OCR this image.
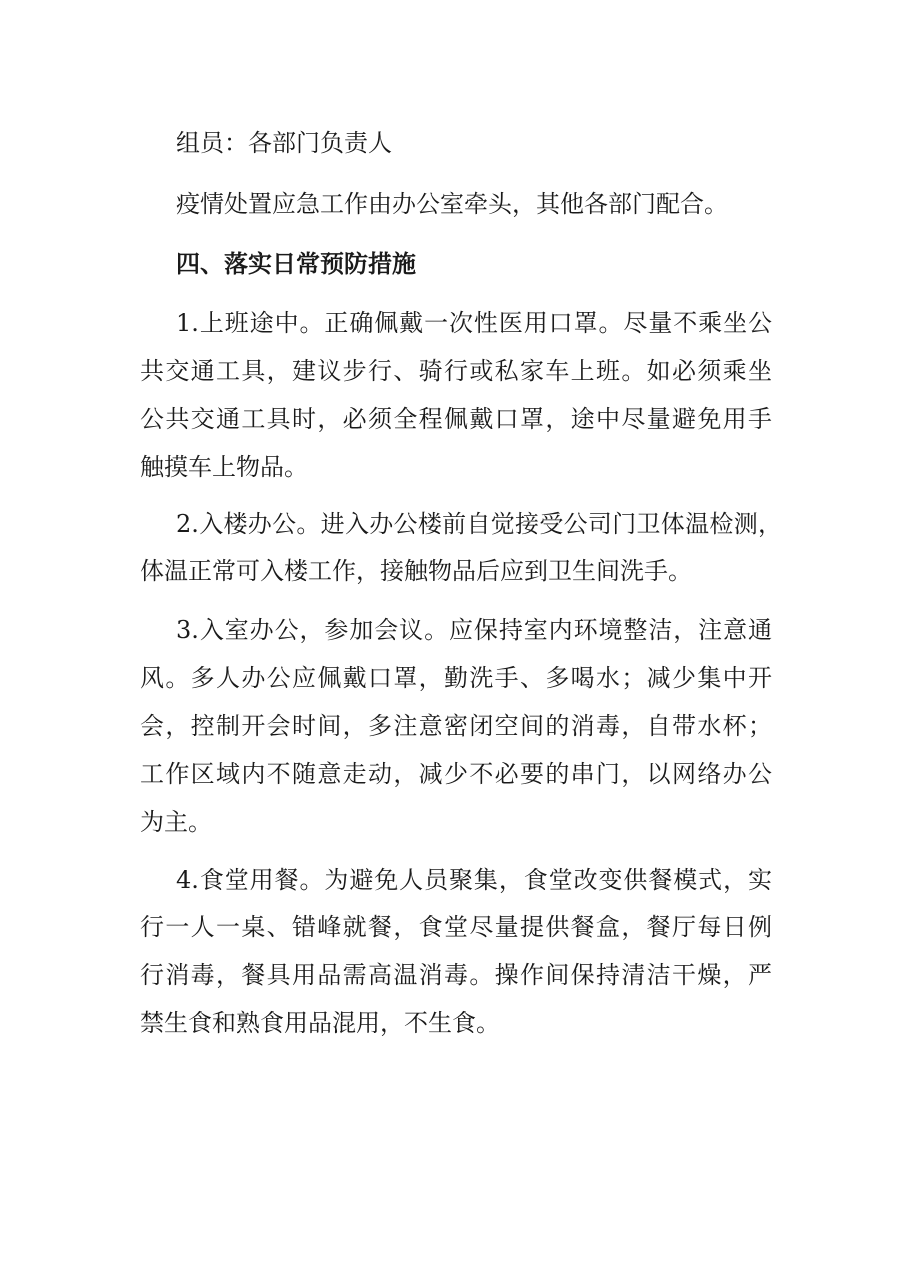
组员：各部门负责人
疫情处置应急工作由办公室牵头，其他各部门配合。
四、落实日常预防措施
1.上班途中。正确佩戴一次性医用口罩。尽量不乘坐公
共交通工具，建议步行、骑行或私家车上班。如必须乘坐
公共交通工具时，必须全程佩戴口罩，途中尽量避免用手
触摸车上物品。
2.入楼办公。进入办公楼前自觉接受公司门卫体温检测，
体温正常可入楼工作，接触物品后应到卫生间洗手。
3.入室办公，参加会议。应保持室内环境整洁，注意通
风。多人办公应佩戴口罩，勤洗手、多喝水；减少集中开
会，控制开会时间，多注意密闭空间的消毒，自带水杯；
工作区域内不随意走动，减少不必要的串门，以网络办公
为主。
4.食堂用餐。为避免人员聚集，食堂改变供餐模式，实
行一人一桌、错峰就餐，食堂尽量提供餐盒，餐厅每日例
行消毒，餐具用品需高温消毒。操作间保持清洁干燥，严
禁生食和熟食用品混用，不生食。
